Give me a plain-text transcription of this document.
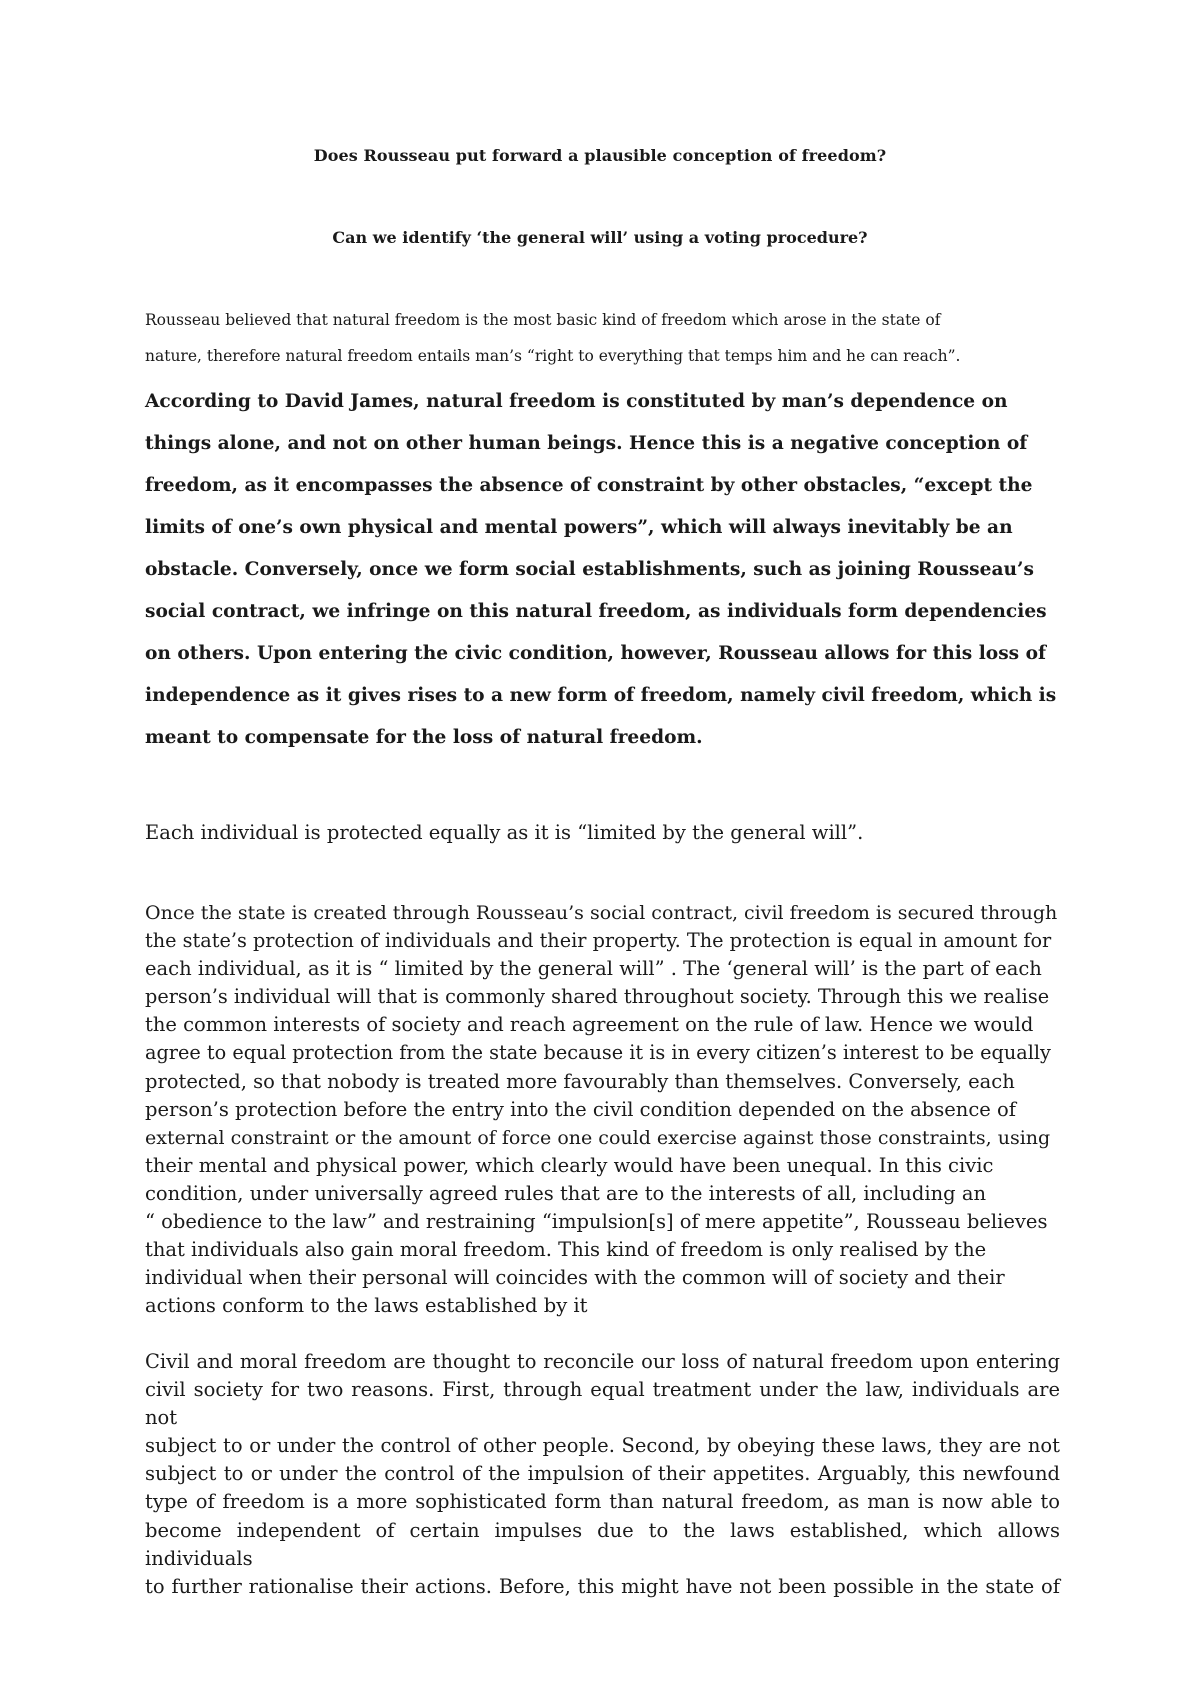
Does Rousseau put forward a plausible conception of freedom?
Can we identify ‘the general will’ using a voting procedure?

Rousseau believed that natural freedom is the most basic kind of freedom which arose in the state of
nature, therefore natural freedom entails man’s “right to everything that temps him and he can reach”.

According to David James, natural freedom is constituted by man’s dependence on
things alone, and not on other human beings. Hence this is a negative conception of
freedom, as it encompasses the absence of constraint by other obstacles, “except the
limits of one’s own physical and mental powers”, which will always inevitably be an
obstacle. Conversely, once we form social establishments, such as joining Rousseau’s
social contract, we infringe on this natural freedom, as individuals form dependencies
on others. Upon entering the civic condition, however, Rousseau allows for this loss of
independence as it gives rises to a new form of freedom, namely civil freedom, which is
meant to compensate for the loss of natural freedom.

Each individual is protected equally as it is “limited by the general will”.

Once the state is created through Rousseau’s social contract, civil freedom is secured through
the state’s protection of individuals and their property. The protection is equal in amount for
each individual, as it is “ limited by the general will” . The ‘general will’ is the part of each
person’s individual will that is commonly shared throughout society. Through this we realise
the common interests of society and reach agreement on the rule of law. Hence we would
agree to equal protection from the state because it is in every citizen’s interest to be equally
protected, so that nobody is treated more favourably than themselves. Conversely, each
person’s protection before the entry into the civil condition depended on the absence of
external constraint or the amount of force one could exercise against those constraints, using
their mental and physical power, which clearly would have been unequal. In this civic
condition, under universally agreed rules that are to the interests of all, including an
“ obedience to the law” and restraining “impulsion[s] of mere appetite”, Rousseau believes
that individuals also gain moral freedom. This kind of freedom is only realised by the
individual when their personal will coincides with the common will of society and their
actions conform to the laws established by it

Civil and moral freedom are thought to reconcile our loss of natural freedom upon entering
civil society for two reasons. First, through equal treatment under the law, individuals are not
subject to or under the control of other people. Second, by obeying these laws, they are not
subject to or under the control of the impulsion of their appetites. Arguably, this newfound
type of freedom is a more sophisticated form than natural freedom, as man is now able to
become independent of certain impulses due to the laws established, which allows individuals
to further rationalise their actions. Before, this might have not been possible in the state of
